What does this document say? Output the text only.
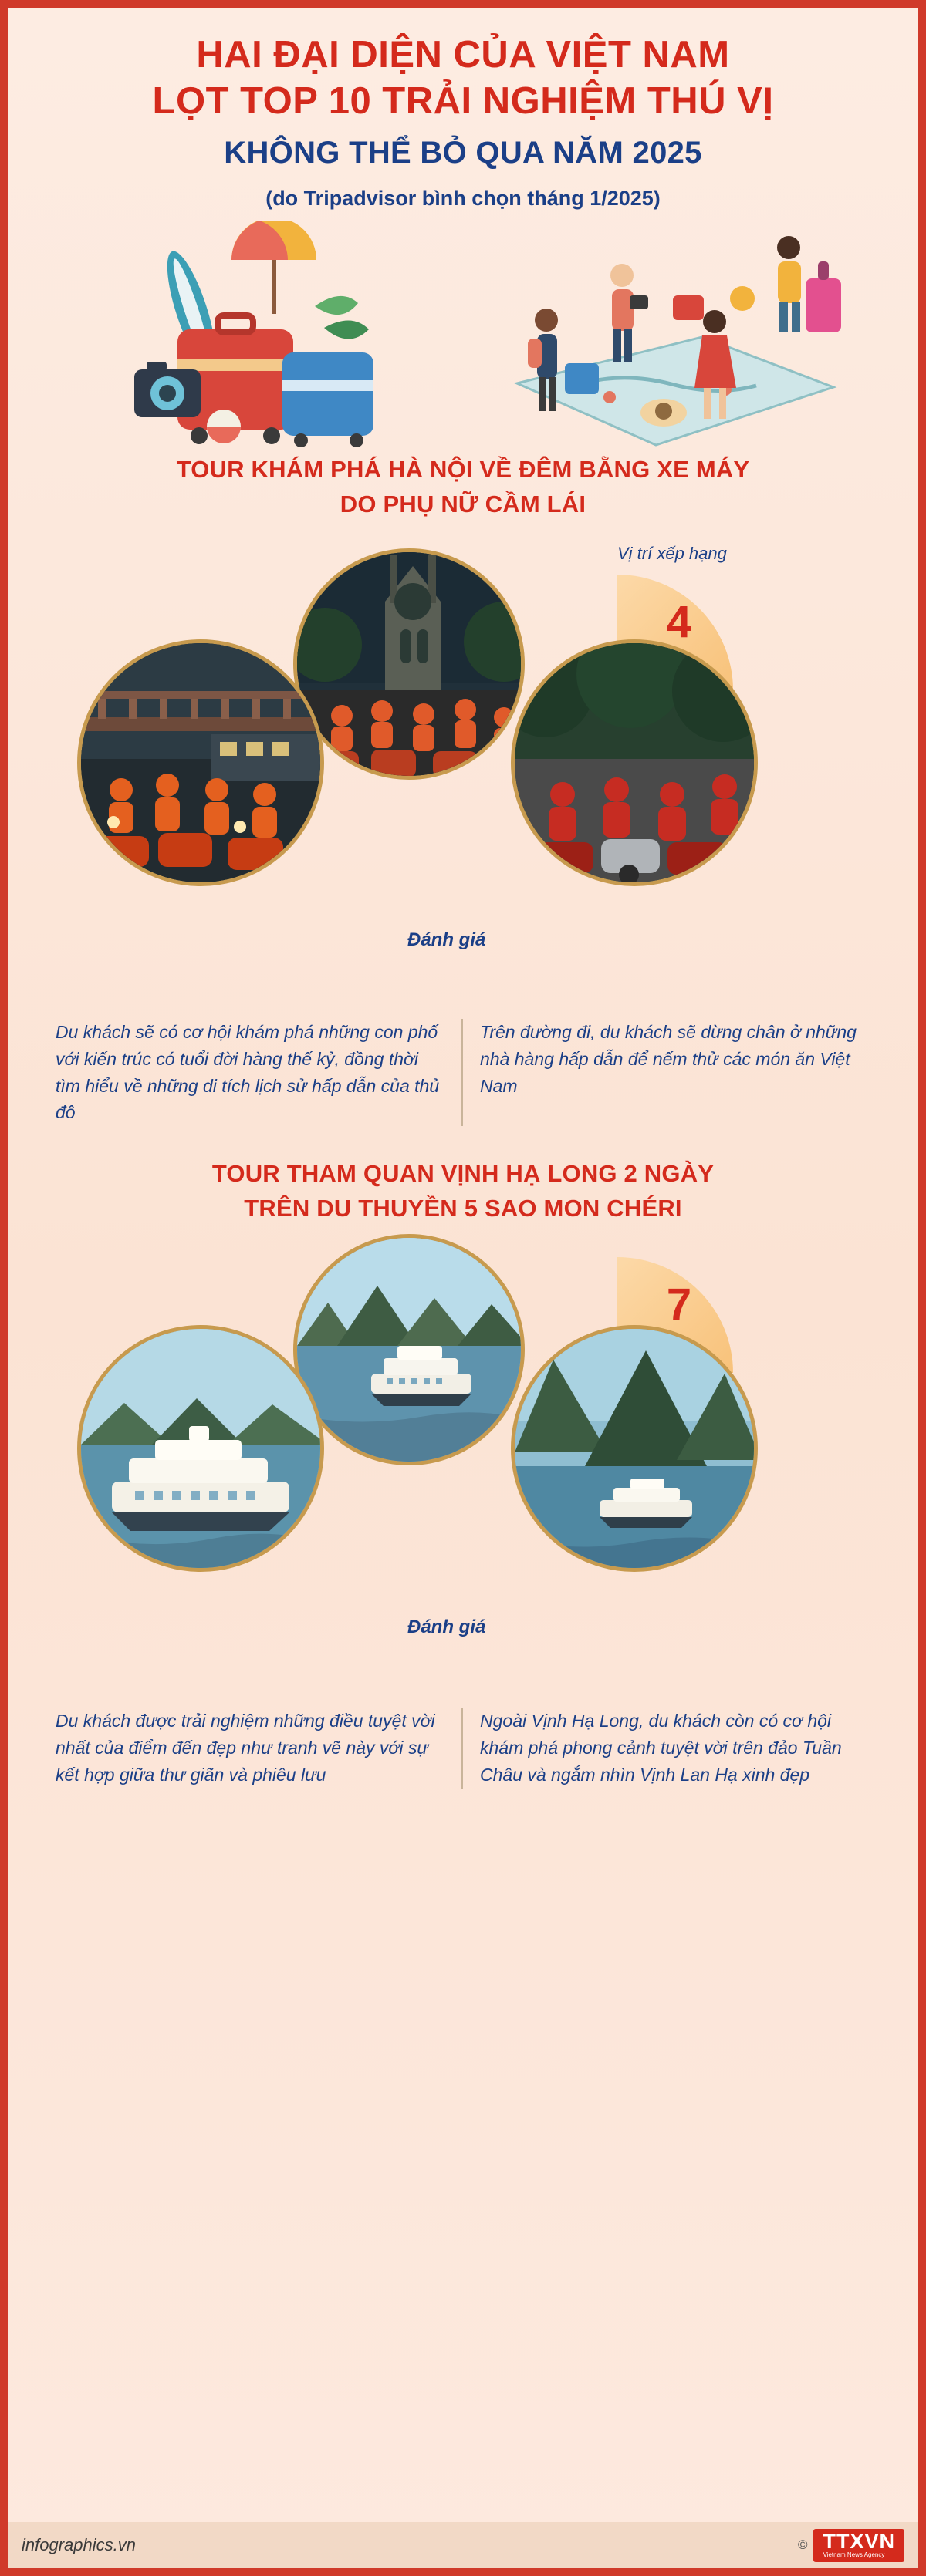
HAI ĐẠI DIỆN CỦA VIỆT NAM
LỌT TOP 10 TRẢI NGHIỆM THÚ VỊ
KHÔNG THỂ BỎ QUA NĂM 2025
(do Tripadvisor bình chọn tháng 1/2025)
TOUR KHÁM PHÁ HÀ NỘI VỀ ĐÊM BẰNG XE MÁY
DO PHỤ NỮ CẦM LÁI
Vị trí xếp hạng
4
Đánh giá
Du khách sẽ có cơ hội khám phá những con phố với kiến trúc có tuổi đời hàng thế kỷ, đồng thời tìm hiểu về những di tích lịch sử hấp dẫn của thủ đô
Trên đường đi, du khách sẽ dừng chân ở những nhà hàng hấp dẫn để nếm thử các món ăn Việt Nam
TOUR THAM QUAN VỊNH HẠ LONG 2 NGÀY
TRÊN DU THUYỀN 5 SAO MON CHÉRI
7
Đánh giá
Du khách được trải nghiệm những điều tuyệt vời nhất của điểm đến đẹp như tranh vẽ này với sự kết hợp giữa thư giãn và phiêu lưu
Ngoài Vịnh Hạ Long, du khách còn có cơ hội khám phá phong cảnh tuyệt vời trên đảo Tuần Châu và ngắm nhìn Vịnh Lan Hạ xinh đẹp
infographics.vn	© TTXVN
Vietnam News Agency
